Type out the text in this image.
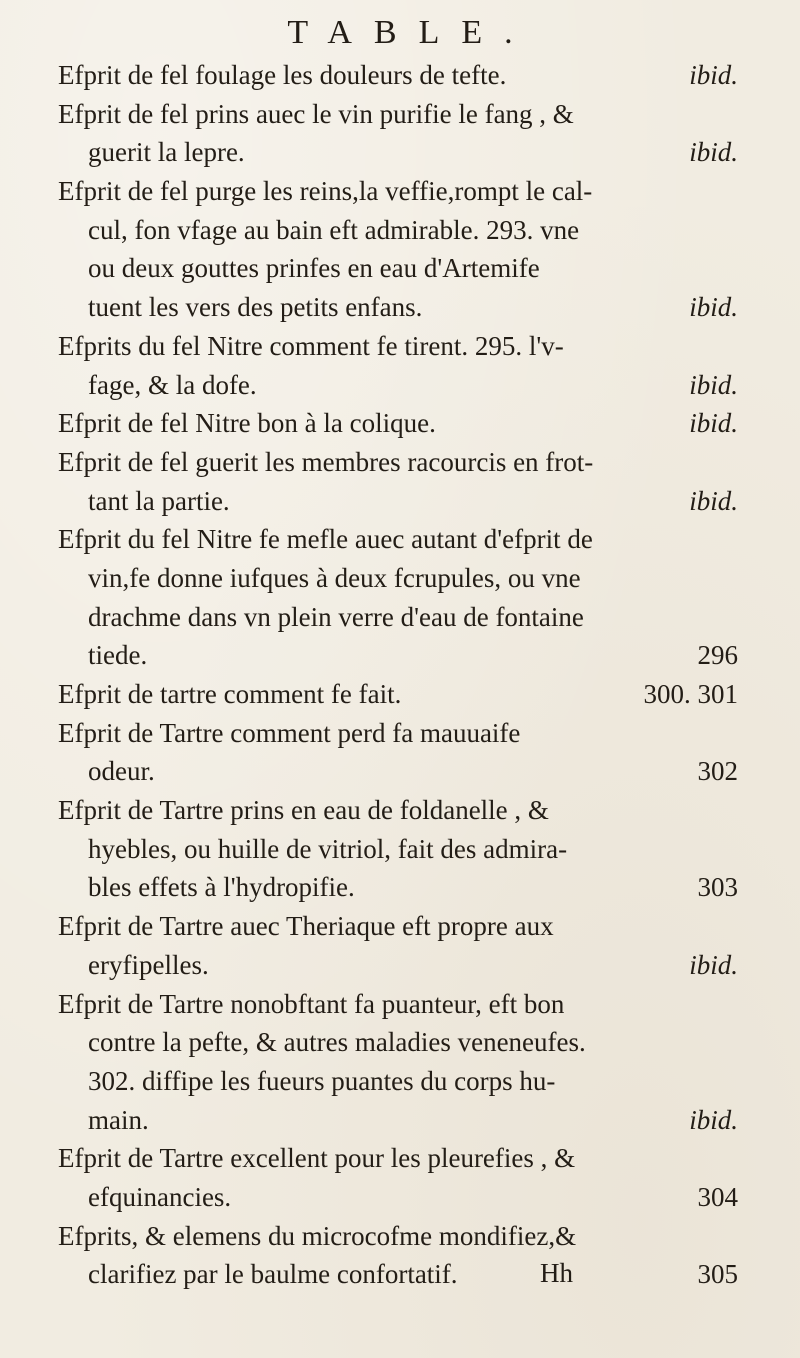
TABLE.
Efprit de fel foulage les douleurs de tefte.	ibid.
Efprit de fel prins auec le vin purifie le fang , &
guerit la lepre.	ibid.
Efprit de fel purge les reins,la veffie,rompt le cal-
cul, fon vfage au bain eft admirable. 293. vne
ou deux gouttes prinfes en eau d'Artemife
tuent les vers des petits enfans.	ibid.
Efprits du fel Nitre comment fe tirent. 295. l'v-
fage, & la dofe.	ibid.
Efprit de fel Nitre bon à la colique.	ibid.
Efprit de fel guerit les membres racourcis en frot-
tant la partie.	ibid.
Efprit du fel Nitre fe mefle auec autant d'efprit de
vin,fe donne iufques à deux fcrupules, ou vne
drachme dans vn plein verre d'eau de fontaine
tiede.	296
Efprit de tartre comment fe fait.	300. 301
Efprit de Tartre comment perd fa mauuaife
odeur.	302
Efprit de Tartre prins en eau de foldanelle , &
hyebles, ou huille de vitriol, fait des admira-
bles effets à l'hydropifie.	303
Efprit de Tartre auec Theriaque eft propre aux
eryfipelles.	ibid.
Efprit de Tartre nonobftant fa puanteur, eft bon
contre la pefte, & autres maladies veneneufes.
302. diffipe les fueurs puantes du corps hu-
main.	ibid.
Efprit de Tartre excellent pour les pleurefies , &
efquinancies.	304
Efprits, & elemens du microcofme mondifiez,&
clarifiez par le baulme confortatif.	305
Hh
